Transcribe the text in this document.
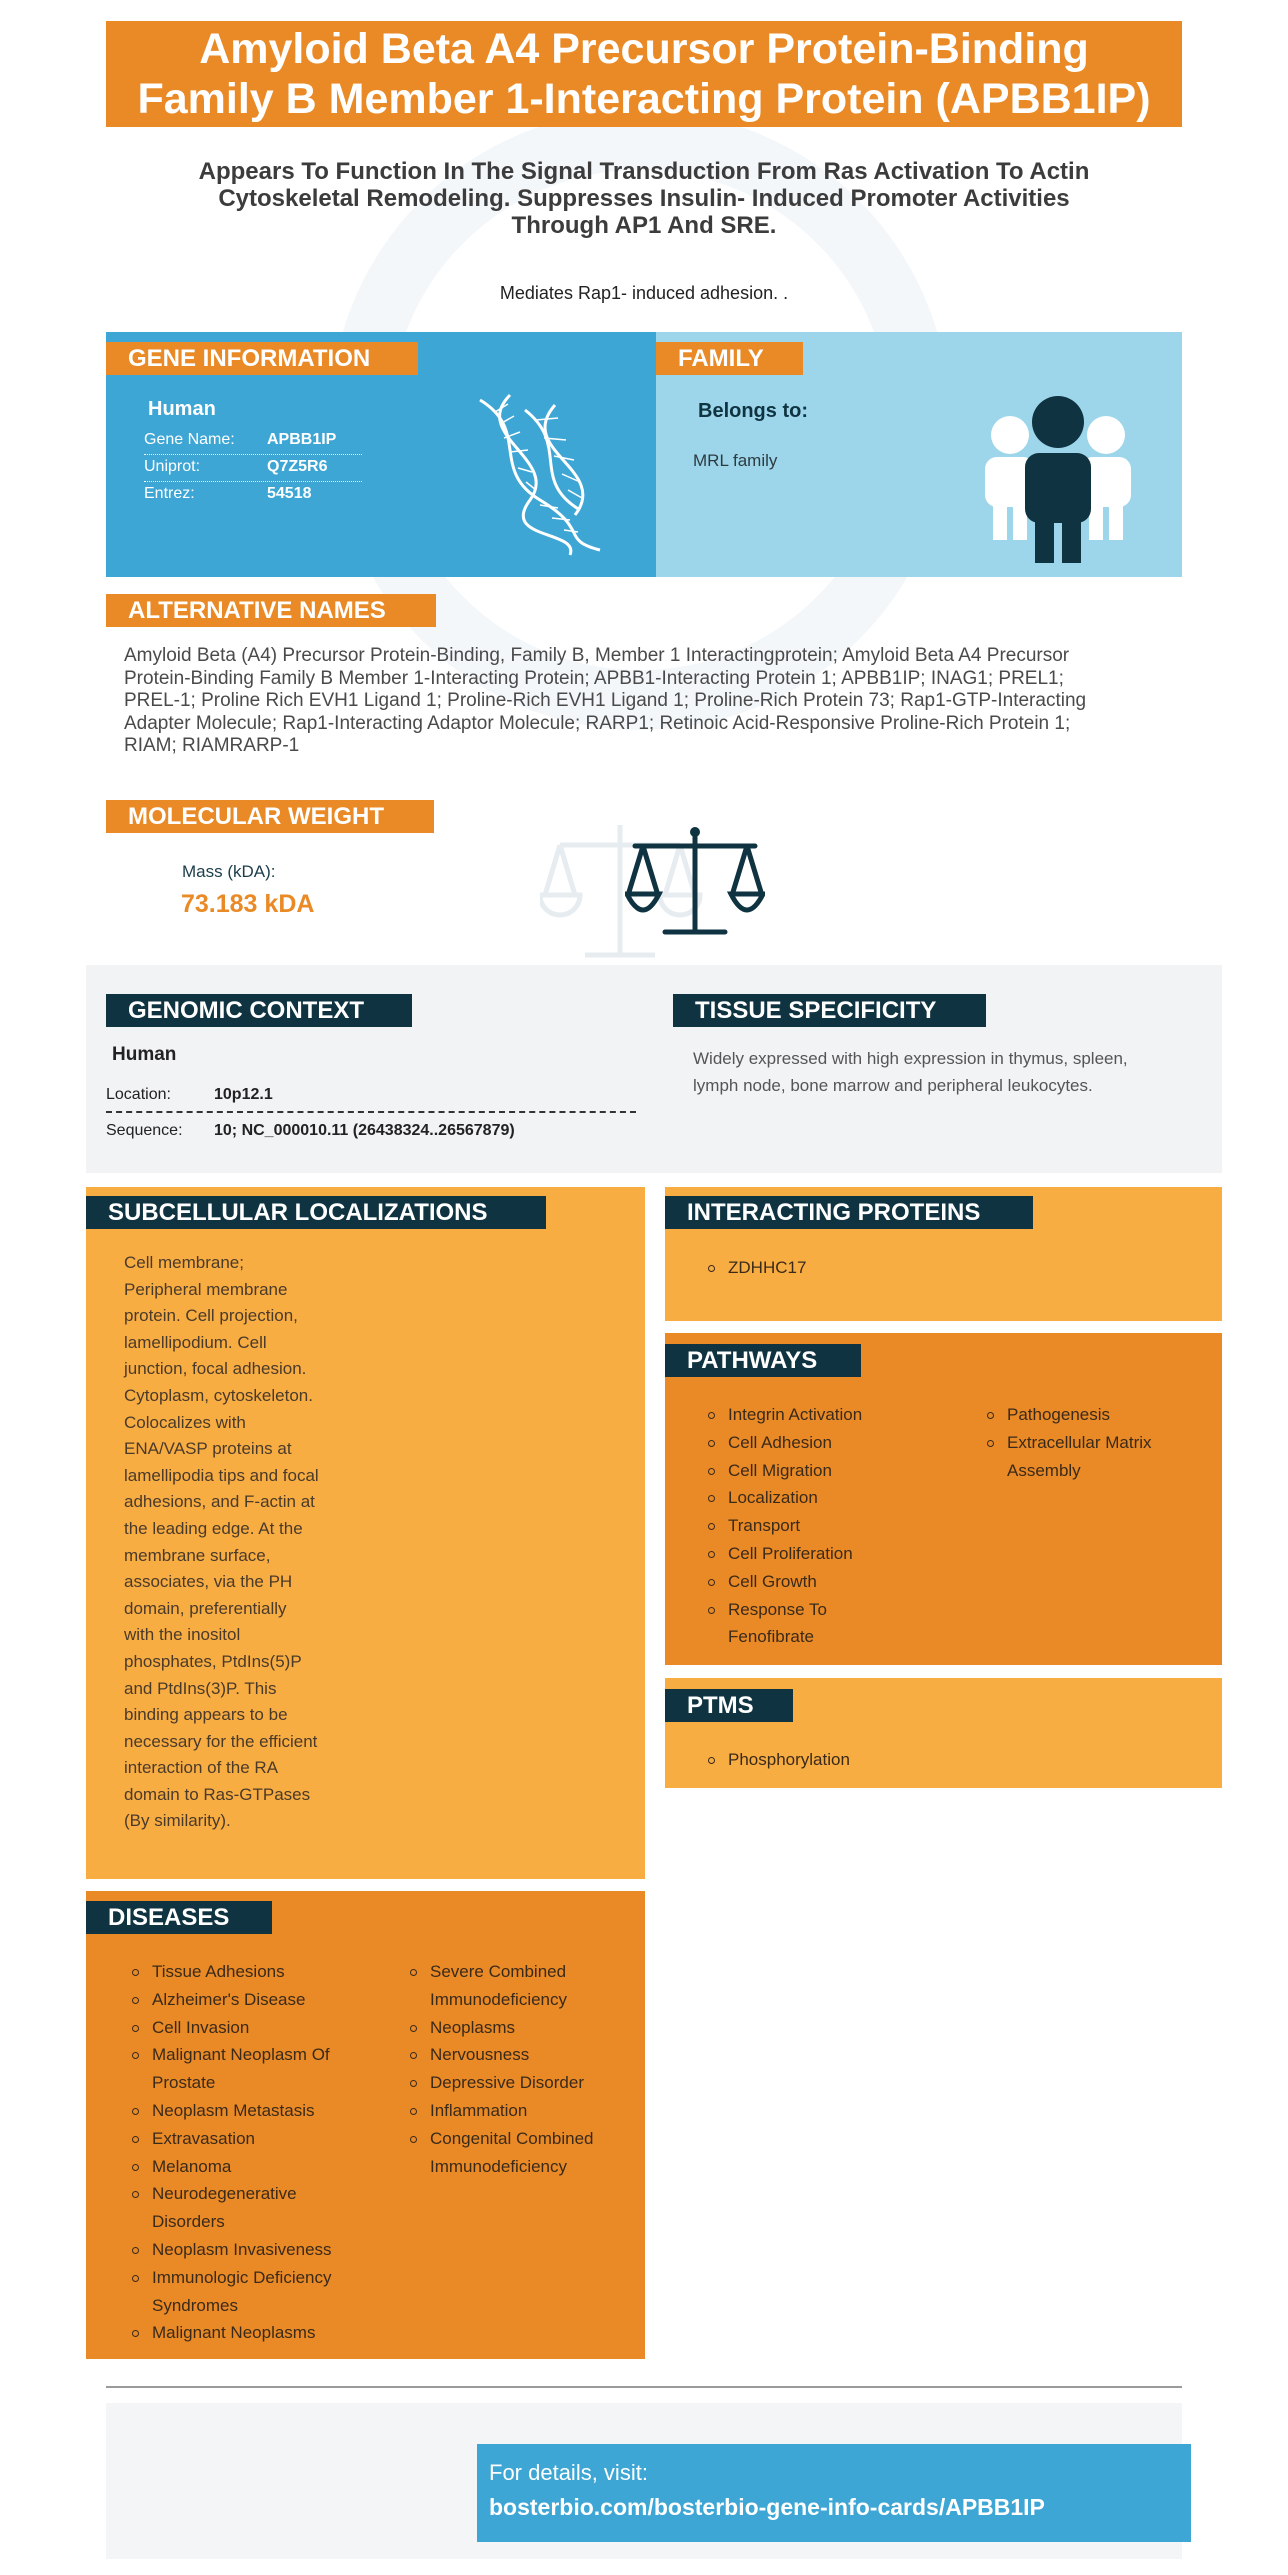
Amyloid Beta A4 Precursor Protein-Binding
Family B Member 1-Interacting Protein (APBB1IP)
Appears To Function In The Signal Transduction From Ras Activation To Actin
Cytoskeletal Remodeling. Suppresses Insulin- Induced Promoter Activities
Through AP1 And SRE.
Mediates Rap1- induced adhesion. .
GENE INFORMATION
Human
Gene Name: APBB1IP
Uniprot:	Q7Z5R6
Entrez:	54518
FAMILY
Belongs to:
MRL family
ALTERNATIVE NAMES
Amyloid Beta (A4) Precursor Protein-Binding, Family B, Member 1 Interactingprotein; Amyloid Beta A4 Precursor
Protein-Binding Family B Member 1-Interacting Protein; APBB1-Interacting Protein 1; APBB1IP; INAG1; PREL1;
PREL-1; Proline Rich EVH1 Ligand 1; Proline-Rich EVH1 Ligand 1; Proline-Rich Protein 73; Rap1-GTP-Interacting
Adapter Molecule; Rap1-Interacting Adaptor Molecule; RARP1; Retinoic Acid-Responsive Proline-Rich Protein 1;
RIAM; RIAMRARP-1
MOLECULAR WEIGHT
Mass (kDA):
73.183 kDA
GENOMIC CONTEXT
Human
Location:	10p12.1
Sequence: 10; NC_000010.11 (26438324..26567879)
TISSUE SPECIFICITY
Widely expressed with high expression in thymus, spleen,
lymph node, bone marrow and peripheral leukocytes.
SUBCELLULAR LOCALIZATIONS
Cell membrane;
Peripheral membrane
protein. Cell projection,
lamellipodium. Cell
junction, focal adhesion.
Cytoplasm, cytoskeleton.
Colocalizes with
ENA/VASP proteins at
lamellipodia tips and focal
adhesions, and F-actin at
the leading edge. At the
membrane surface,
associates, via the PH
domain, preferentially
with the inositol
phosphates, PtdIns(5)P
and PtdIns(3)P. This
binding appears to be
necessary for the efficient
interaction of the RA
domain to Ras-GTPases
(By similarity).
DISEASES
Tissue Adhesions
Alzheimer's Disease
Cell Invasion
Malignant Neoplasm Of
Prostate
Neoplasm Metastasis
Extravasation
Melanoma
Neurodegenerative
Disorders
Neoplasm Invasiveness
Immunologic Deficiency
Syndromes
Malignant Neoplasms
Severe Combined
Immunodeficiency
Neoplasms
Nervousness
Depressive Disorder
Inflammation
Congenital Combined
Immunodeficiency
INTERACTING PROTEINS
ZDHHC17
PATHWAYS
Integrin Activation
Cell Adhesion
Cell Migration
Localization
Transport
Cell Proliferation
Cell Growth
Response To
Fenofibrate
Pathogenesis
Extracellular Matrix
Assembly
PTMS
Phosphorylation
For details, visit:
bosterbio.com/bosterbio-gene-info-cards/APBB1IP
